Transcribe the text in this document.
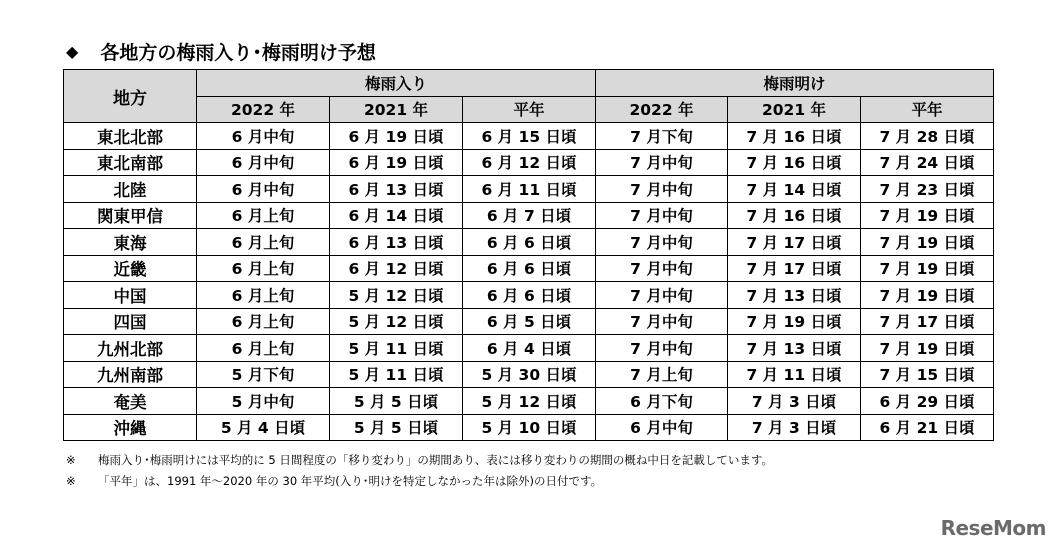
◆ 各地方の梅雨入り･梅雨明け予想
地方	梅雨入り			梅雨明け		
	2022 年	2021 年	平年	2022 年	2021 年	平年
東北北部	6 月中旬	6 月 19 日頃	6 月 15 日頃	7 月下旬	7 月 16 日頃	7 月 28 日頃
東北南部	6 月中旬	6 月 19 日頃	6 月 12 日頃	7 月中旬	7 月 16 日頃	7 月 24 日頃
北陸	6 月中旬	6 月 13 日頃	6 月 11 日頃	7 月中旬	7 月 14 日頃	7 月 23 日頃
関東甲信	6 月上旬	6 月 14 日頃	6 月 7 日頃	7 月中旬	7 月 16 日頃	7 月 19 日頃
東海	6 月上旬	6 月 13 日頃	6 月 6 日頃	7 月中旬	7 月 17 日頃	7 月 19 日頃
近畿	6 月上旬	6 月 12 日頃	6 月 6 日頃	7 月中旬	7 月 17 日頃	7 月 19 日頃
中国	6 月上旬	5 月 12 日頃	6 月 6 日頃	7 月中旬	7 月 13 日頃	7 月 19 日頃
四国	6 月上旬	5 月 12 日頃	6 月 5 日頃	7 月中旬	7 月 19 日頃	7 月 17 日頃
九州北部	6 月上旬	5 月 11 日頃	6 月 4 日頃	7 月中旬	7 月 13 日頃	7 月 19 日頃
九州南部	5 月下旬	5 月 11 日頃	5 月 30 日頃	7 月上旬	7 月 11 日頃	7 月 15 日頃
奄美	5 月中旬	5 月 5 日頃	5 月 12 日頃	6 月下旬	7 月 3 日頃	6 月 29 日頃
沖縄	5 月 4 日頃	5 月 5 日頃	5 月 10 日頃	6 月中旬	7 月 3 日頃	6 月 21 日頃
※	梅雨入り･梅雨明けには平均的に 5 日間程度の「移り変わり」の期間あり、表には移り変わりの期間の概ね中日を記載しています。
※	「平年」は、1991 年～2020 年の 30 年平均(入り･明けを特定しなかった年は除外)の日付です。
ReseMom
